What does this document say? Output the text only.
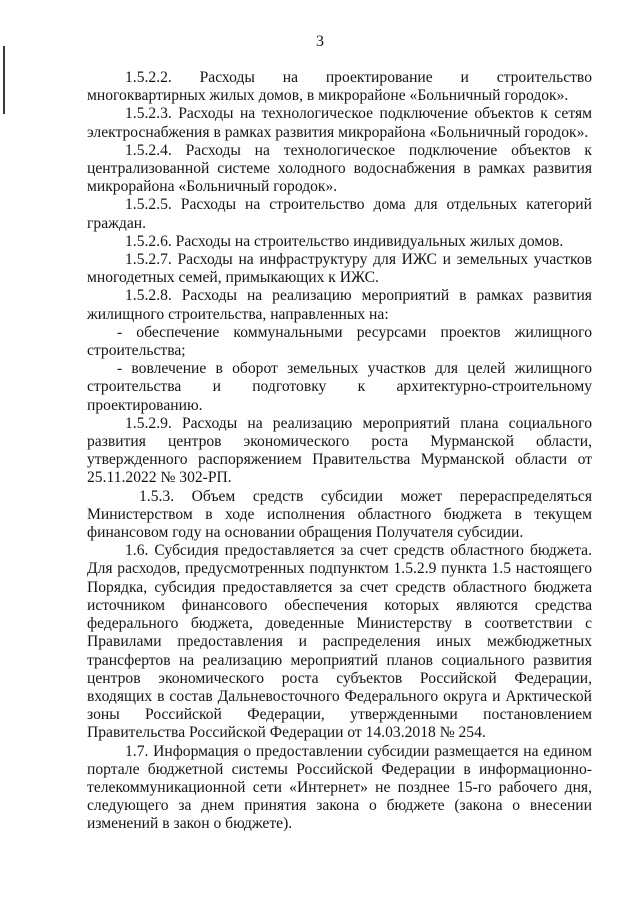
3

1.5.2.2. Расходы на проектирование и строительство многоквартирных жилых домов, в микрорайоне «Больничный городок».

1.5.2.3. Расходы на технологическое подключение объектов к сетям электроснабжения в рамках развития микрорайона «Больничный городок».

1.5.2.4. Расходы на технологическое подключение объектов к централизованной системе холодного водоснабжения в рамках развития микрорайона «Больничный городок».

1.5.2.5. Расходы на строительство дома для отдельных категорий граждан.

1.5.2.6. Расходы на строительство индивидуальных жилых домов.

1.5.2.7. Расходы на инфраструктуру для ИЖС и земельных участков многодетных семей, примыкающих к ИЖС.

1.5.2.8. Расходы на реализацию мероприятий в рамках развития жилищного строительства, направленных на:

- обеспечение коммунальными ресурсами проектов жилищного строительства;

- вовлечение в оборот земельных участков для целей жилищного строительства и подготовку к архитектурно-строительному проектированию.

1.5.2.9. Расходы на реализацию мероприятий плана социального развития центров экономического роста Мурманской области, утвержденного распоряжением Правительства Мурманской области от 25.11.2022 № 302-РП.

1.5.3. Объем средств субсидии может перераспределяться Министерством в ходе исполнения областного бюджета в текущем финансовом году на основании обращения Получателя субсидии.

1.6. Субсидия предоставляется за счет средств областного бюджета. Для расходов, предусмотренных подпунктом 1.5.2.9 пункта 1.5 настоящего Порядка, субсидия предоставляется за счет средств областного бюджета источником финансового обеспечения которых являются средства федерального бюджета, доведенные Министерству в соответствии с Правилами предоставления и распределения иных межбюджетных трансфертов на реализацию мероприятий планов социального развития центров экономического роста субъектов Российской Федерации, входящих в состав Дальневосточного Федерального округа и Арктической зоны Российской Федерации, утвержденными постановлением Правительства Российской Федерации от 14.03.2018 № 254.

1.7. Информация о предоставлении субсидии размещается на едином портале бюджетной системы Российской Федерации в информационно-телекоммуникационной сети «Интернет» не позднее 15-го рабочего дня, следующего за днем принятия закона о бюджете (закона о внесении изменений в закон о бюджете).
